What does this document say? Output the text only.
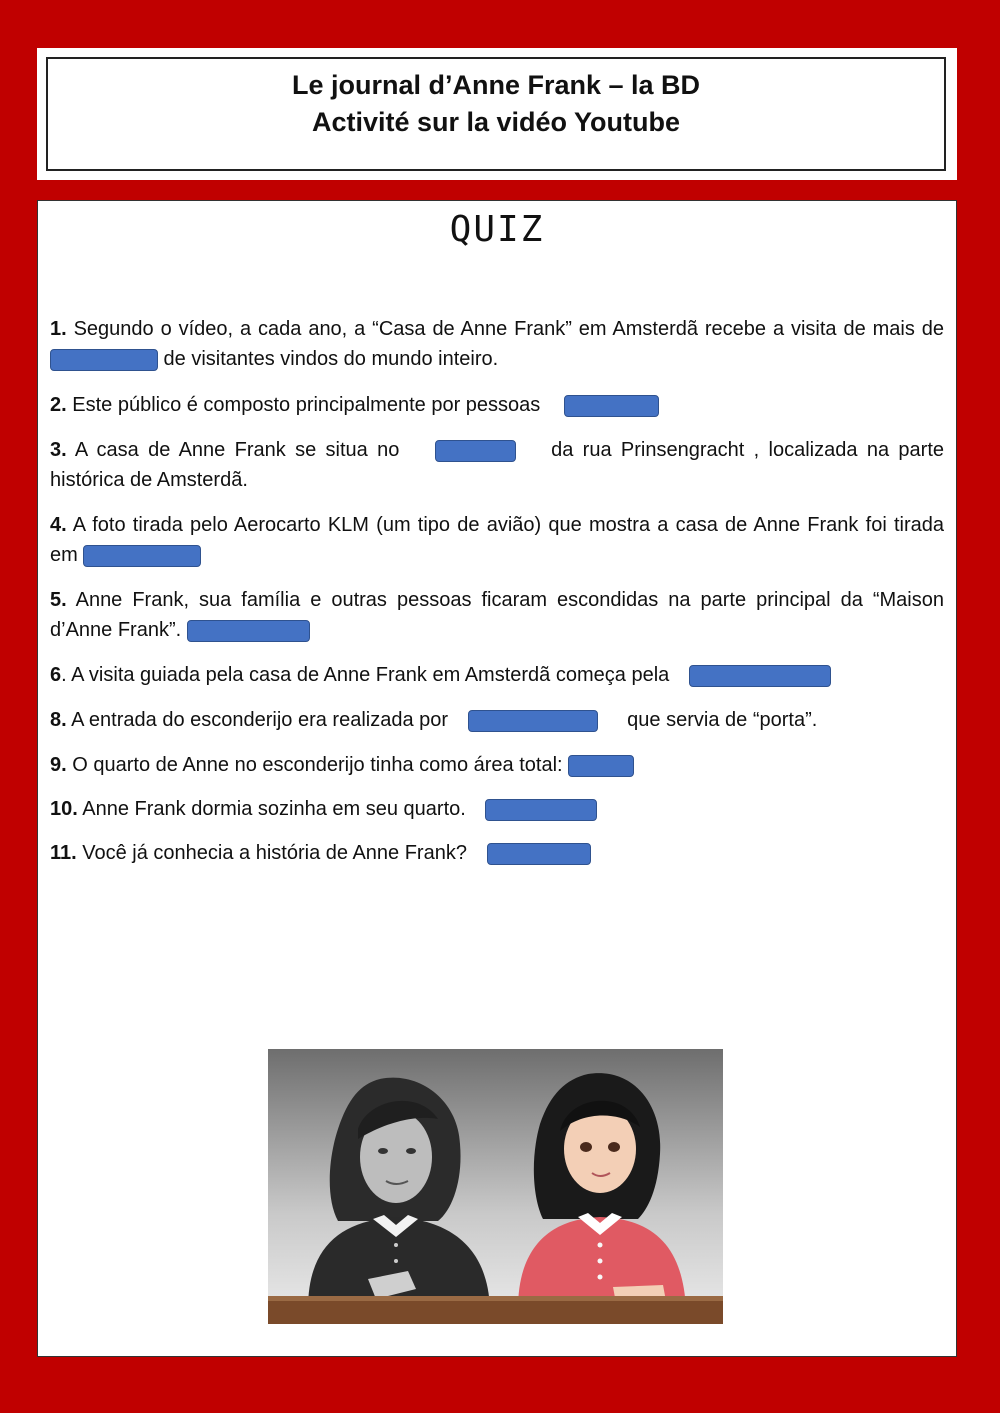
Le journal d’Anne Frank – la BD
Activité sur la vidéo Youtube
QUIZ
1. Segundo o vídeo, a cada ano, a “Casa de Anne Frank” em Amsterdã recebe a visita de mais de  de visitantes vindos do mundo inteiro.
2. Este público é composto principalmente por pessoas
3. A casa de Anne Frank se situa no	da rua Prinsengracht , localizada na parte histórica de Amsterdã.
4. A foto tirada pelo Aerocarto KLM (um tipo de avião) que mostra a casa de Anne Frank foi tirada em
5. Anne Frank, sua família e outras pessoas ficaram escondidas na parte principal da “Maison d’Anne Frank”.
6. A visita guiada pela casa de Anne Frank em Amsterdã começa pela
8. A entrada do esconderijo era realizada por	que servia de “porta”.
9. O quarto de Anne no esconderijo tinha como área total:
10. Anne Frank dormia sozinha em seu quarto.
11. Você já conhecia a história de Anne Frank?
